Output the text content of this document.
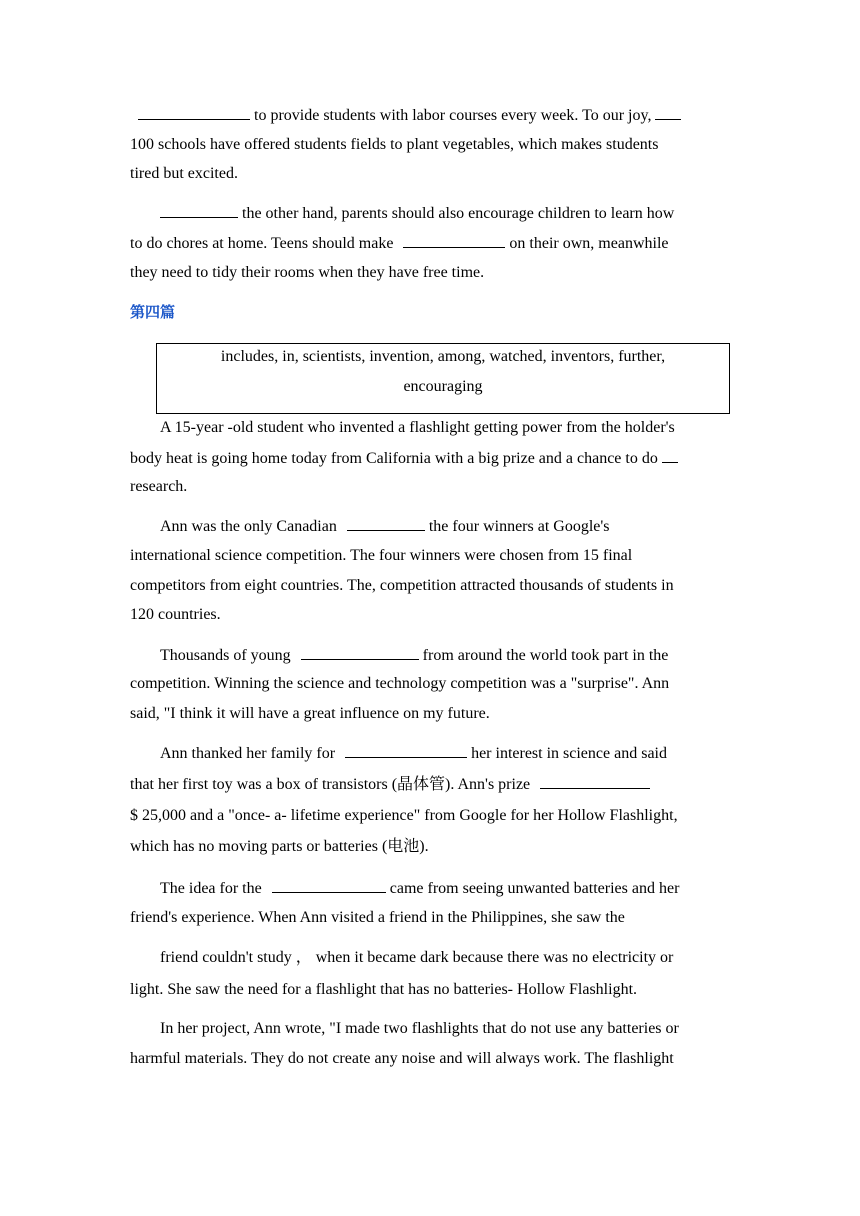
to provide students with labor courses every week. To our joy,
100 schools have offered students fields to plant vegetables, which makes students
tired but excited.
the other hand, parents should also encourage children to learn how
to do chores at home. Teens should make	on their own, meanwhile
they need to tidy their rooms when they have free time.
第四篇
includes, in, scientists, invention, among, watched, inventors, further,
encouraging
A 15-year -old student who invented a flashlight getting power from the holder's
body heat is going home today from California with a big prize and a chance to do
research.
Ann was the only Canadian	the four winners at Google's
international science competition. The four winners were chosen from 15 final
competitors from eight countries. The, competition attracted thousands of students in
120 countries.
Thousands of young	from around the world took part in the
competition. Winning the science and technology competition was a "surprise". Ann
said, "I think it will have a great influence on my future.
Ann thanked her family for	her interest in science and said
that her first toy was a box of transistors (晶体管). Ann's prize
$ 25,000 and a "once- a- lifetime experience" from Google for her Hollow Flashlight,
which has no moving parts or batteries (电池).
The idea for the	came from seeing unwanted batteries and her
friend's experience. When Ann visited a friend in the Philippines, she saw the
friend couldn't study ， when it became dark because there was no electricity or
light. She saw the need for a flashlight that has no batteries- Hollow Flashlight.
In her project, Ann wrote, "I made two flashlights that do not use any batteries or
harmful materials. They do not create any noise and will always work. The flashlight
